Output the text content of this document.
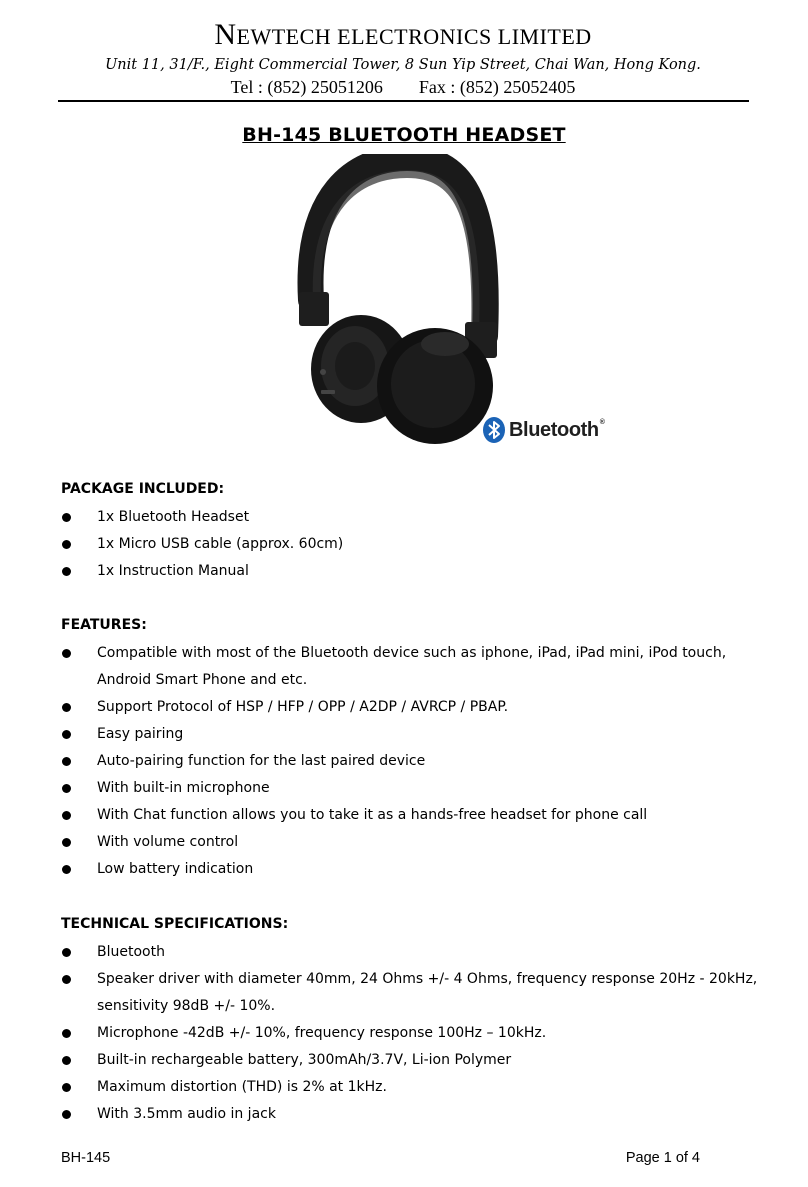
NEWTECH ELECTRONICS LIMITED
Unit 11, 31/F., Eight Commercial Tower, 8 Sun Yip Street, Chai Wan, Hong Kong.
Tel : (852) 25051206 Fax : (852) 25052405
BH-145 BLUETOOTH HEADSET
Bluetooth®
PACKAGE INCLUDED:
1x Bluetooth Headset
1x Micro USB cable (approx. 60cm)
1x Instruction Manual
FEATURES:
Compatible with most of the Bluetooth device such as iphone, iPad, iPad mini, iPod touch,
Android Smart Phone and etc.
Support Protocol of HSP / HFP / OPP / A2DP / AVRCP / PBAP.
Easy pairing
Auto-pairing function for the last paired device
With built-in microphone
With Chat function allows you to take it as a hands-free headset for phone call
With volume control
Low battery indication
TECHNICAL SPECIFICATIONS:
Bluetooth
Speaker driver with diameter 40mm, 24 Ohms +/- 4 Ohms, frequency response 20Hz - 20kHz,
sensitivity 98dB +/- 10%.
Microphone -42dB +/- 10%, frequency response 100Hz – 10kHz.
Built-in rechargeable battery, 300mAh/3.7V, Li-ion Polymer
Maximum distortion (THD) is 2% at 1kHz.
With 3.5mm audio in jack
BH-145	Page 1 of 4
